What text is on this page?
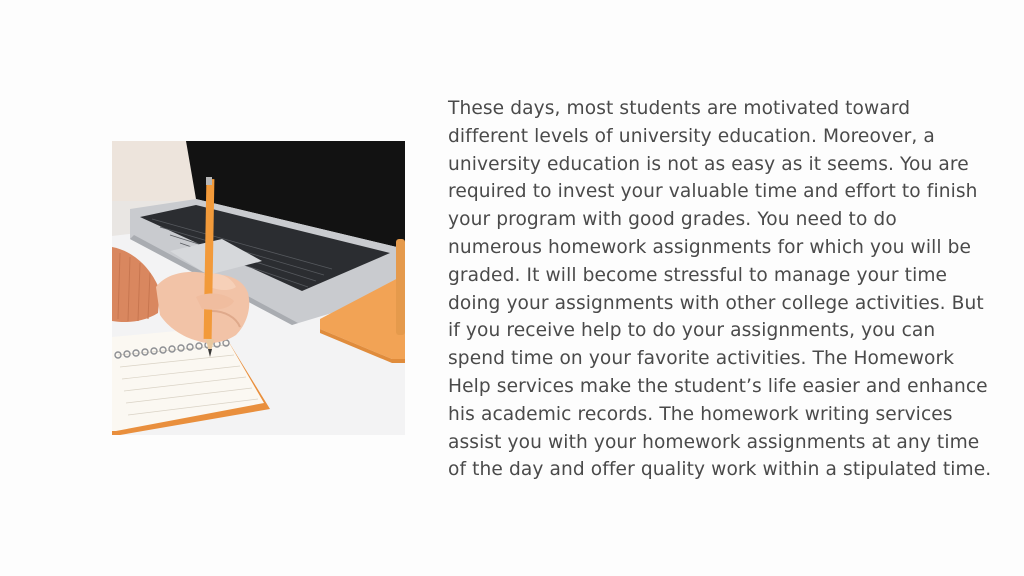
These days, most students are motivated toward
different levels of university education. Moreover, a
university education is not as easy as it seems. You are
required to invest your valuable time and effort to finish
your program with good grades. You need to do
numerous homework assignments for which you will be
graded. It will become stressful to manage your time
doing your assignments with other college activities. But
if you receive help to do your assignments, you can
spend time on your favorite activities. The Homework
Help services make the student’s life easier and enhance
his academic records. The homework writing services
assist you with your homework assignments at any time
of the day and offer quality work within a stipulated time.
